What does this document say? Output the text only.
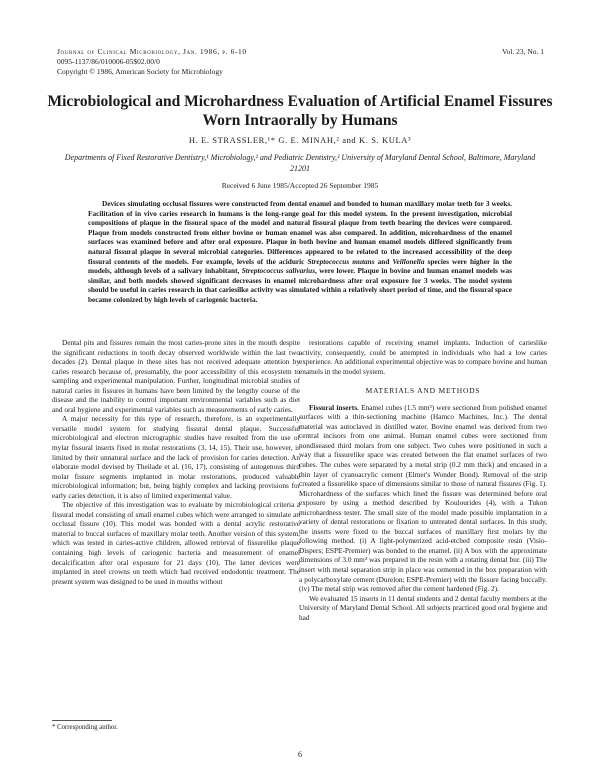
Journal of Clinical Microbiology, Jan. 1986, p. 6-10
0095-1137/86/010006-05$02.00/0
Copyright © 1986, American Society for Microbiology
Vol. 23, No. 1
Microbiological and Microhardness Evaluation of Artificial Enamel Fissures Worn Intraorally by Humans
H. E. STRASSLER,¹* G. E. MINAH,² and K. S. KULA³
Departments of Fixed Restorative Dentistry,¹ Microbiology,² and Pediatric Dentistry,³ University of Maryland Dental School, Baltimore, Maryland 21201
Received 6 June 1985/Accepted 26 September 1985

Devices simulating occlusal fissures were constructed from dental enamel and bonded to human maxillary molar teeth for 3 weeks. Facilitation of in vivo caries research in humans is the long-range goal for this model system. In the present investigation, microbial compositions of plaque in the fissural space of the model and natural fissural plaque from teeth bearing the devices were compared. Plaque from models constructed from either bovine or human enamel was also compared. In addition, microhardness of the enamel surfaces was examined before and after oral exposure. Plaque in both bovine and human enamel models differed significantly from natural fissural plaque in several microbial categories. Differences appeared to be related to the increased accessibility of the deep fissural contents of the models. For example, levels of the aciduric Streptococcus mutans and Veillonella species were higher in the models, although levels of a salivary inhabitant, Streptococcus salivarius, were lower. Plaque in bovine and human enamel models was similar, and both models showed significant decreases in enamel microhardness after oral exposure for 3 weeks. The model system should be useful in caries research in that cariesilke activity was simulated within a relatively short period of time, and the fissural space became colonized by high levels of cariogenic bacteria.

Dental pits and fissures remain the most caries-prone sites in the mouth despite the significant reductions in tooth decay observed worldwide within the last two decades (2). Dental plaque in these sites has not received adequate attention by caries research because of, presumably, the poor accessibility of this ecosystem to sampling and experimental manipulation. Further, longitudinal microbial studies of natural caries in fissures in humans have been limited by the lengthy course of the disease and the inability to control important environmental variables such as diet and oral hygiene and experimental variables such as measurements of early caries.

A major necessity for this type of research, therefore, is an experimentally versatile model system for studying fissural dental plaque. Successful microbiological and electron micrographic studies have resulted from the use of mylar fissural inserts fixed in molar restorations (3, 14, 15). Their use, however, is limited by their unnatural surface and the lack of provision for caries detection. An elaborate model devised by Theilade et al. (16, 17), consisting of autogenous third molar fissure segments implanted in molar restorations, produced valuable microbiological information; but, being highly complex and lacking provisions for early caries detection, it is also of limited experimental value.

The objective of this investigation was to evaluate by microbiological criteria a fissural model consisting of small enamel cubes which were arranged to simulate an occlusal fissure (10). This model was bonded with a dental acrylic restorative material to buccal surfaces of maxillary molar teeth. Another version of this system, which was tested in caries-active children, allowed retrieval of fissurelike plaque containing high levels of cariogenic bacteria and measurement of enamel decalcification after oral exposure for 21 days (10). The latter devices were implanted in steel crowns on teeth which had received endodontic treatment. The present system was designed to be used in mouths without

restorations capable of receiving enamel implants. Induction of carieslike activity, consequently, could be attempted in individuals who had a low caries experience. An additional experimental objective was to compare bovine and human enamels in the model system.

MATERIALS AND METHODS

Fissural inserts. Enamel cubes (1.5 mm³) were sectioned from polished enamel surfaces with a thin-sectioning machine (Hamco Machines, Inc.). The dental material was autoclaved in distilled water. Bovine enamel was derived from two central incisors from one animal. Human enamel cubes were sectioned from nondiseased third molars from one subject. Two cubes were positioned in such a way that a fissurelike space was created between the flat enamel surfaces of two cubes. The cubes were separated by a metal strip (0.2 mm thick) and encased in a thin layer of cyanoacrylic cement (Elmer's Wonder Bond). Removal of the strip created a fissurelike space of dimensions similar to those of natural fissures (Fig. 1). Microhardness of the surfaces which lined the fissure was determined before oral exposure by using a method described by Koulourides (4), with a Tukon microhardness tester. The small size of the model made possible implantation in a variety of dental restorations or fixation to untreated dental surfaces. In this study, the inserts were fixed to the buccal surfaces of maxillary first molars by the following method. (i) A light-polymerized acid-etched composite resin (Visio-Dispers; ESPE-Premier) was bonded to the enamel. (ii) A box with the approximate dimensions of 3.0 mm³ was prepared in the resin with a rotating dental bur. (iii) The insert with metal separation strip in place was cemented in the box preparation with a polycarboxylate cement (Durelon; ESPE-Premier) with the fissure facing buccally. (iv) The metal strip was removed after the cement hardened (Fig. 2).

We evaluated 15 inserts in 11 dental students and 2 dental faculty members at the University of Maryland Dental School. All subjects practiced good oral hygiene and had

* Corresponding author.
6
